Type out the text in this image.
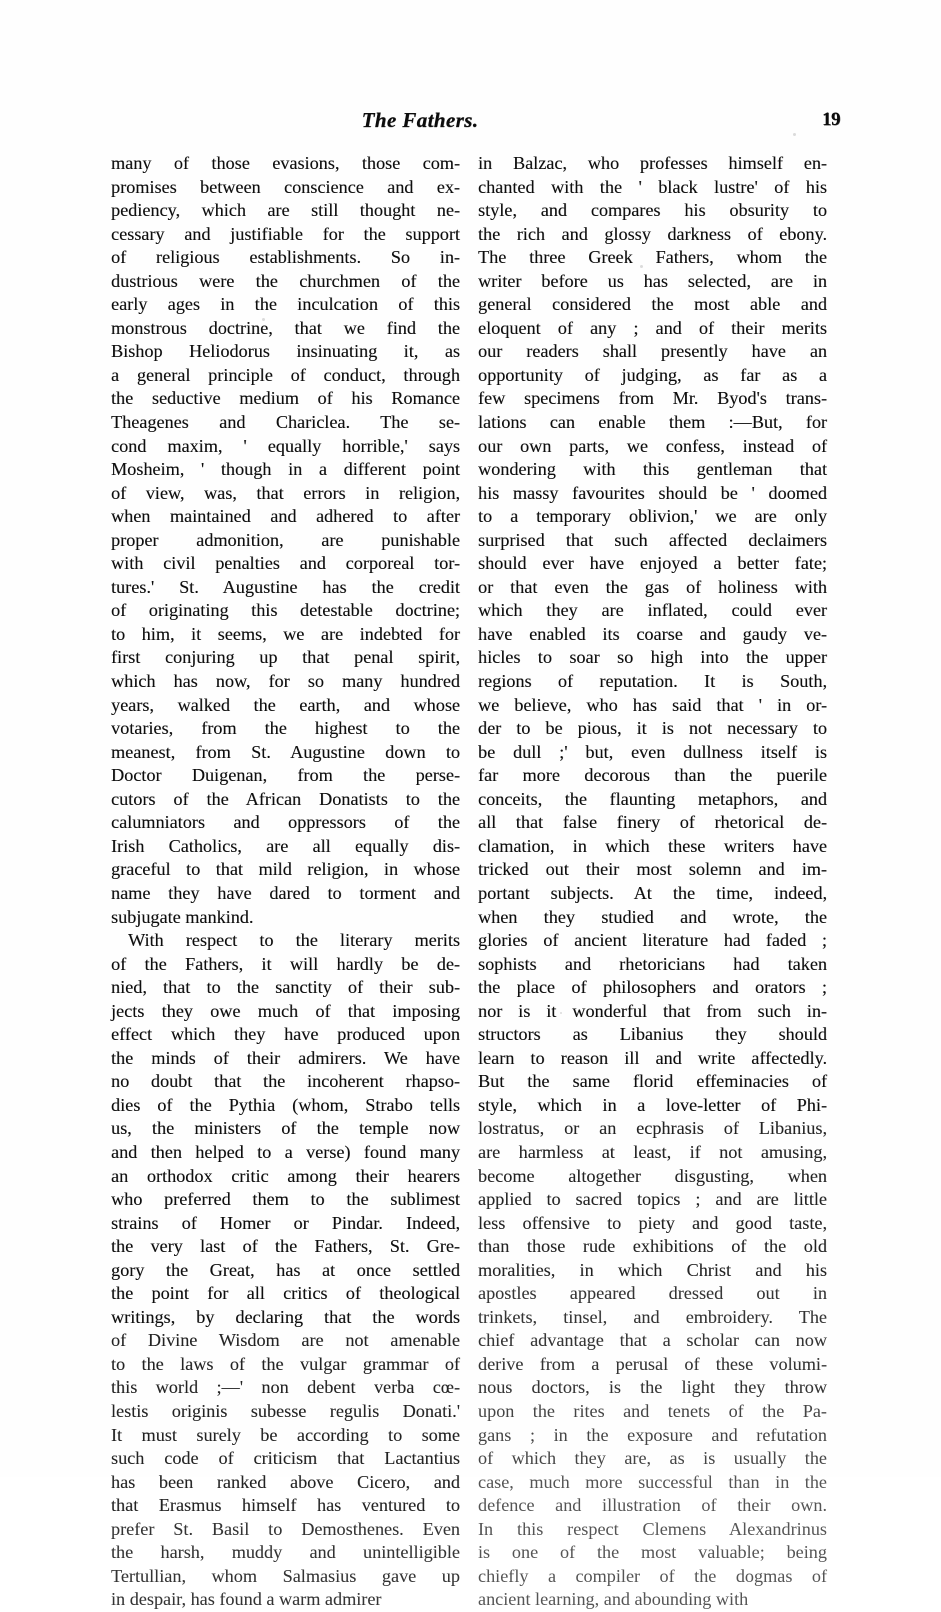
The Fathers.	19
many of those evasions, those com-
promises between conscience and ex-
pediency, which are still thought ne-
cessary and justifiable for the support
of religious establishments. So in-
dustrious were the churchmen of the
early ages in the inculcation of this
monstrous doctrine, that we find the
Bishop Heliodorus insinuating it, as
a general principle of conduct, through
the seductive medium of his Romance
Theagenes and Chariclea. The se-
cond maxim, ' equally horrible,' says
Mosheim, ' though in a different point
of view, was, that errors in religion,
when maintained and adhered to after
proper admonition, are punishable
with civil penalties and corporeal tor-
tures.' St. Augustine has the credit
of originating this detestable doctrine;
to him, it seems, we are indebted for
first conjuring up that penal spirit,
which has now, for so many hundred
years, walked the earth, and whose
votaries, from the highest to the
meanest, from St. Augustine down to
Doctor Duigenan, from the perse-
cutors of the African Donatists to the
calumniators and oppressors of the
Irish Catholics, are all equally dis-
graceful to that mild religion, in whose
name they have dared to torment and
subjugate mankind.
With respect to the literary merits
of the Fathers, it will hardly be de-
nied, that to the sanctity of their sub-
jects they owe much of that imposing
effect which they have produced upon
the minds of their admirers. We have
no doubt that the incoherent rhapso-
dies of the Pythia (whom, Strabo tells
us, the ministers of the temple now
and then helped to a verse) found many
an orthodox critic among their hearers
who preferred them to the sublimest
strains of Homer or Pindar. Indeed,
the very last of the Fathers, St. Gre-
gory the Great, has at once settled
the point for all critics of theological
writings, by declaring that the words
of Divine Wisdom are not amenable
to the laws of the vulgar grammar of
this world ;—' non debent verba cœ-
lestis originis subesse regulis Donati.'
It must surely be according to some
such code of criticism that Lactantius
has been ranked above Cicero, and
that Erasmus himself has ventured to
prefer St. Basil to Demosthenes. Even
the harsh, muddy and unintelligible
Tertullian, whom Salmasius gave up
in despair, has found a warm admirer
in Balzac, who professes himself en-
chanted with the ' black lustre' of his
style, and compares his obsurity to
the rich and glossy darkness of ebony.
The three Greek Fathers, whom the
writer before us has selected, are in
general considered the most able and
eloquent of any ; and of their merits
our readers shall presently have an
opportunity of judging, as far as a
few specimens from Mr. Byod's trans-
lations can enable them :—But, for
our own parts, we confess, instead of
wondering with this gentleman that
his massy favourites should be ' doomed
to a temporary oblivion,' we are only
surprised that such affected declaimers
should ever have enjoyed a better fate;
or that even the gas of holiness with
which they are inflated, could ever
have enabled its coarse and gaudy ve-
hicles to soar so high into the upper
regions of reputation. It is South,
we believe, who has said that ' in or-
der to be pious, it is not necessary to
be dull ;' but, even dullness itself is
far more decorous than the puerile
conceits, the flaunting metaphors, and
all that false finery of rhetorical de-
clamation, in which these writers have
tricked out their most solemn and im-
portant subjects. At the time, indeed,
when they studied and wrote, the
glories of ancient literature had faded ;
sophists and rhetoricians had taken
the place of philosophers and orators ;
nor is it wonderful that from such in-
structors as Libanius they should
learn to reason ill and write affectedly.
But the same florid effeminacies of
style, which in a love-letter of Phi-
lostratus, or an ecphrasis of Libanius,
are harmless at least, if not amusing,
become altogether disgusting, when
applied to sacred topics ; and are little
less offensive to piety and good taste,
than those rude exhibitions of the old
moralities, in which Christ and his
apostles appeared dressed out in
trinkets, tinsel, and embroidery. The
chief advantage that a scholar can now
derive from a perusal of these volumi-
nous doctors, is the light they throw
upon the rites and tenets of the Pa-
gans ; in the exposure and refutation
of which they are, as is usually the
case, much more successful than in the
defence and illustration of their own.
In this respect Clemens Alexandrinus
is one of the most valuable; being
chiefly a compiler of the dogmas of
ancient learning, and abounding with
